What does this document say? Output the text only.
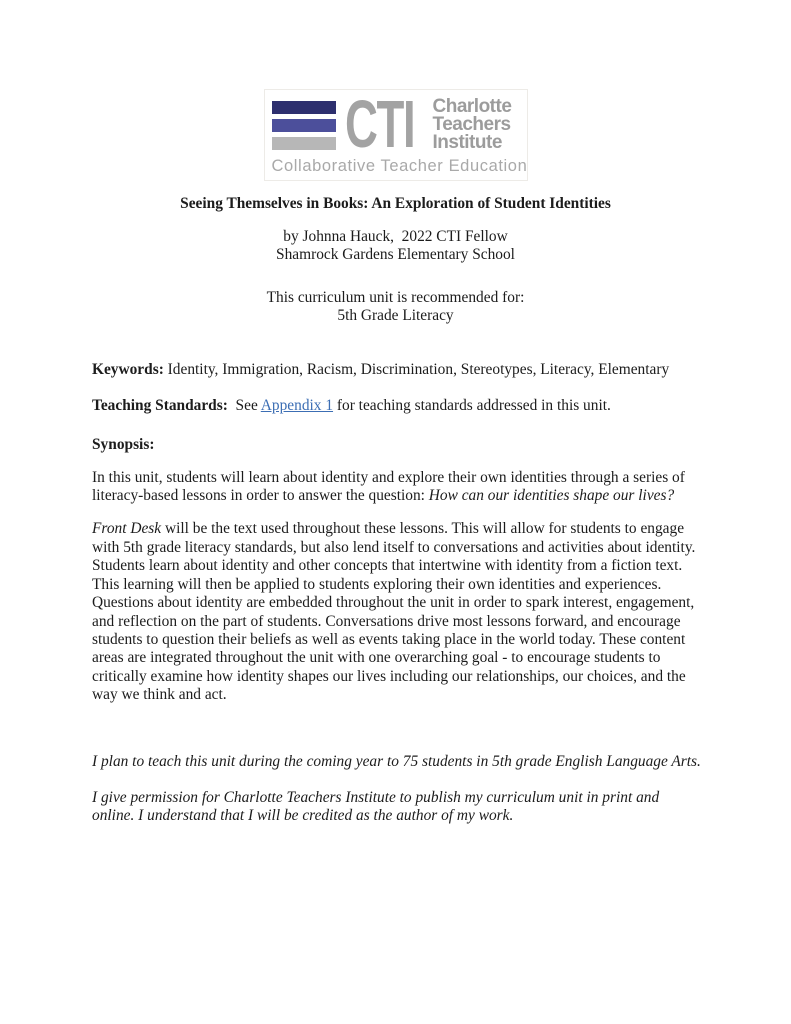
CTI Charlotte
Teachers
Institute
Collaborative Teacher Education
Seeing Themselves in Books: An Exploration of Student Identities
by Johnna Hauck,  2022 CTI Fellow
Shamrock Gardens Elementary School
This curriculum unit is recommended for:
5th Grade Literacy

Keywords: Identity, Immigration, Racism, Discrimination, Stereotypes, Literacy, Elementary

Teaching Standards:  See Appendix 1 for teaching standards addressed in this unit.

Synopsis:

In this unit, students will learn about identity and explore their own identities through a series of literacy-based lessons in order to answer the question: How can our identities shape our lives?

Front Desk will be the text used throughout these lessons. This will allow for students to engage with 5th grade literacy standards, but also lend itself to conversations and activities about identity. Students learn about identity and other concepts that intertwine with identity from a fiction text. This learning will then be applied to students exploring their own identities and experiences. Questions about identity are embedded throughout the unit in order to spark interest, engagement, and reflection on the part of students. Conversations drive most lessons forward, and encourage students to question their beliefs as well as events taking place in the world today. These content areas are integrated throughout the unit with one overarching goal - to encourage students to critically examine how identity shapes our lives including our relationships, our choices, and the way we think and act.

I plan to teach this unit during the coming year to 75 students in 5th grade English Language Arts.

I give permission for Charlotte Teachers Institute to publish my curriculum unit in print and online. I understand that I will be credited as the author of my work.
